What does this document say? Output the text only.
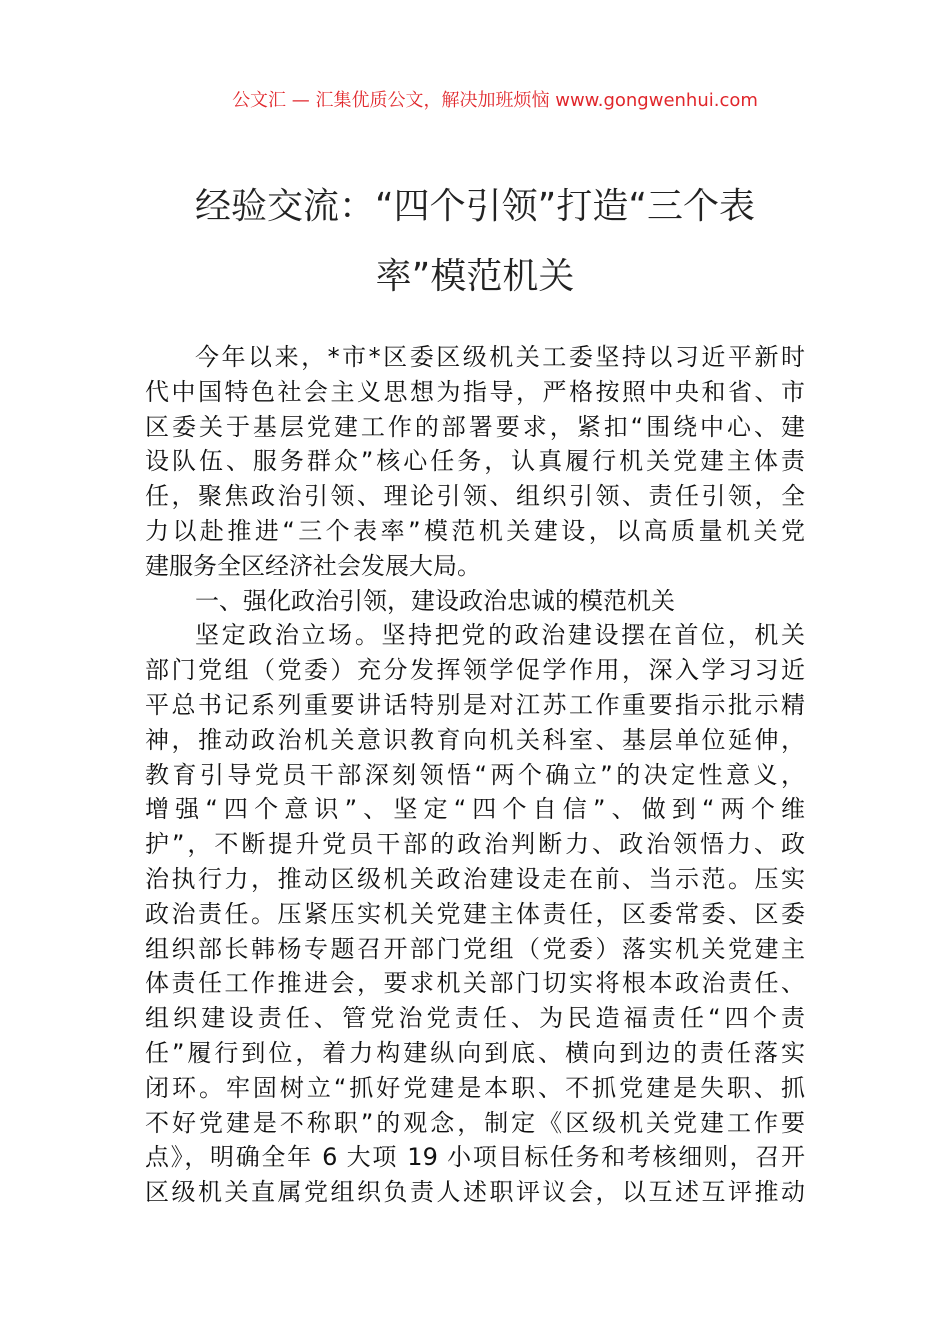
公文汇 — 汇集优质公文，解决加班烦恼 www.gongwenhui.com
经验交流：“四个引领”打造“三个表
率”模范机关
今年以来，*市*区委区级机关工委坚持以习近平新时
代中国特色社会主义思想为指导，严格按照中央和省、市
区委关于基层党建工作的部署要求，紧扣“围绕中心、建
设队伍、服务群众”核心任务，认真履行机关党建主体责
任，聚焦政治引领、理论引领、组织引领、责任引领，全
力以赴推进“三个表率”模范机关建设，以高质量机关党
建服务全区经济社会发展大局。
一、强化政治引领，建设政治忠诚的模范机关
坚定政治立场。坚持把党的政治建设摆在首位，机关
部门党组（党委）充分发挥领学促学作用，深入学习习近
平总书记系列重要讲话特别是对江苏工作重要指示批示精
神，推动政治机关意识教育向机关科室、基层单位延伸，
教育引导党员干部深刻领悟“两个确立”的决定性意义，
增强“四个意识”、坚定“四个自信”、做到“两个维
护”，不断提升党员干部的政治判断力、政治领悟力、政
治执行力，推动区级机关政治建设走在前、当示范。压实
政治责任。压紧压实机关党建主体责任，区委常委、区委
组织部长韩杨专题召开部门党组（党委）落实机关党建主
体责任工作推进会，要求机关部门切实将根本政治责任、
组织建设责任、管党治党责任、为民造福责任“四个责
任”履行到位，着力构建纵向到底、横向到边的责任落实
闭环。牢固树立“抓好党建是本职、不抓党建是失职、抓
不好党建是不称职”的观念，制定《区级机关党建工作要
点》，明确全年 6 大项 19 小项目标任务和考核细则，召开
区级机关直属党组织负责人述职评议会，以互述互评推动
